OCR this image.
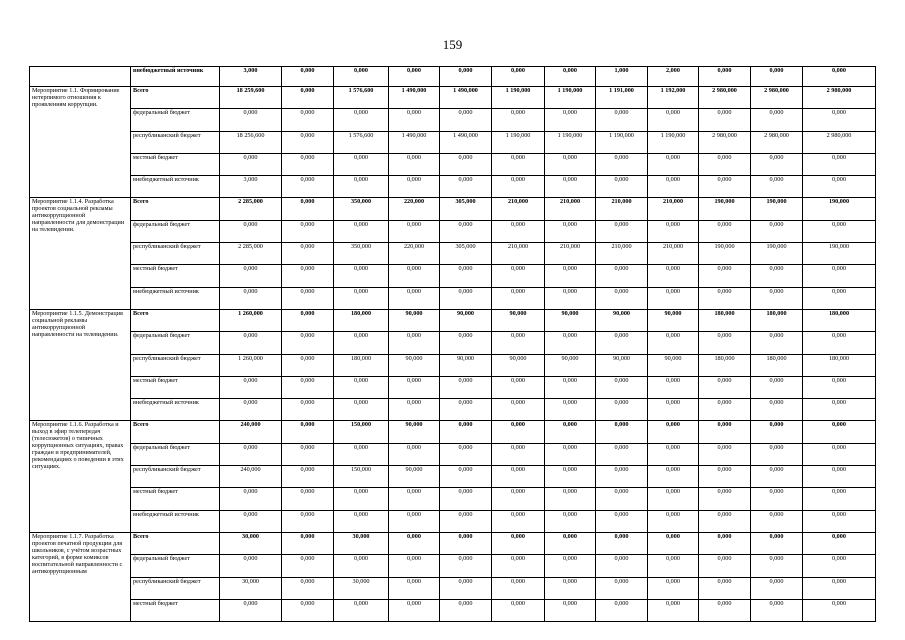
159
	внебюджетный источник	3,000	0,000	0,000	0,000	0,000	0,000	0,000	1,000	2,000	0,000	0,000	0,000
Мероприятие 1.1. Формирование нетерпимого отношения к проявлениям коррупции.	Всего	18 259,600	0,000	1 576,600	1 490,000	1 490,000	1 190,000	1 190,000	1 191,000	1 192,000	2 980,000	2 980,000	2 980,000
	федеральный бюджет	0,000	0,000	0,000	0,000	0,000	0,000	0,000	0,000	0,000	0,000	0,000	0,000
	республиканский бюджет	18 256,600	0,000	1 576,600	1 490,000	1 490,000	1 190,000	1 190,000	1 190,000	1 190,000	2 980,000	2 980,000	2 980,000
	местный бюджет	0,000	0,000	0,000	0,000	0,000	0,000	0,000	0,000	0,000	0,000	0,000	0,000
	внебюджетный источник	3,000	0,000	0,000	0,000	0,000	0,000	0,000	0,000	0,000	0,000	0,000	0,000
Мероприятие 1.1.4. Разработка проектов социальной рекламы антикоррупционной направленности для демонстрации на телевидении.	Всего	2 285,000	0,000	350,000	220,000	305,000	210,000	210,000	210,000	210,000	190,000	190,000	190,000
	федеральный бюджет	0,000	0,000	0,000	0,000	0,000	0,000	0,000	0,000	0,000	0,000	0,000	0,000
	республиканский бюджет	2 285,000	0,000	350,000	220,000	305,000	210,000	210,000	210,000	210,000	190,000	190,000	190,000
	местный бюджет	0,000	0,000	0,000	0,000	0,000	0,000	0,000	0,000	0,000	0,000	0,000	0,000
	внебюджетный источник	0,000	0,000	0,000	0,000	0,000	0,000	0,000	0,000	0,000	0,000	0,000	0,000
Мероприятие 1.1.5. Демонстрация социальной рекламы антикоррупционной направленности на телевидении.	Всего	1 260,000	0,000	180,000	90,000	90,000	90,000	90,000	90,000	90,000	180,000	180,000	180,000
	федеральный бюджет	0,000	0,000	0,000	0,000	0,000	0,000	0,000	0,000	0,000	0,000	0,000	0,000
	республиканский бюджет	1 260,000	0,000	180,000	90,000	90,000	90,000	90,000	90,000	90,000	180,000	180,000	180,000
	местный бюджет	0,000	0,000	0,000	0,000	0,000	0,000	0,000	0,000	0,000	0,000	0,000	0,000
	внебюджетный источник	0,000	0,000	0,000	0,000	0,000	0,000	0,000	0,000	0,000	0,000	0,000	0,000
Мероприятие 1.1.6. Разработка и выход в эфир телепередач (телесюжетов) о типичных коррупционных ситуациях, правах граждан и предпринимателей, рекомендациях о поведении в этих ситуациях.	Всего	240,000	0,000	150,000	90,000	0,000	0,000	0,000	0,000	0,000	0,000	0,000	0,000
	федеральный бюджет	0,000	0,000	0,000	0,000	0,000	0,000	0,000	0,000	0,000	0,000	0,000	0,000
	республиканский бюджет	240,000	0,000	150,000	90,000	0,000	0,000	0,000	0,000	0,000	0,000	0,000	0,000
	местный бюджет	0,000	0,000	0,000	0,000	0,000	0,000	0,000	0,000	0,000	0,000	0,000	0,000
	внебюджетный источник	0,000	0,000	0,000	0,000	0,000	0,000	0,000	0,000	0,000	0,000	0,000	0,000
Мероприятие 1.1.7. Разработка проектов печатной продукции для школьников, с учётом возрастных категорий, в форме комиксов воспитательной направленности с антикоррупционным	Всего	30,000	0,000	30,000	0,000	0,000	0,000	0,000	0,000	0,000	0,000	0,000	0,000
	федеральный бюджет	0,000	0,000	0,000	0,000	0,000	0,000	0,000	0,000	0,000	0,000	0,000	0,000
	республиканский бюджет	30,000	0,000	30,000	0,000	0,000	0,000	0,000	0,000	0,000	0,000	0,000	0,000
	местный бюджет	0,000	0,000	0,000	0,000	0,000	0,000	0,000	0,000	0,000	0,000	0,000	0,000
